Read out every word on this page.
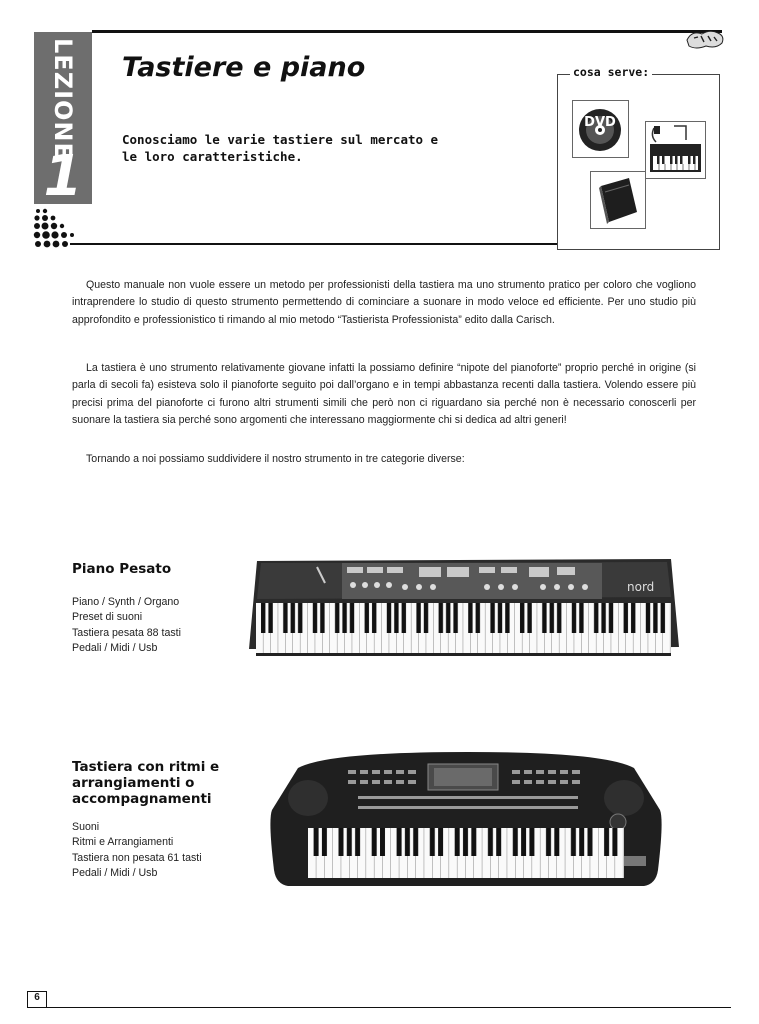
LEZIONE
1
Tastiere e piano
Conosciamo le varie tastiere sul mercato e le loro caratteristiche.
cosa serve:
DVD

Questo manuale non vuole essere un metodo per professionisti della tastiera ma uno strumento pratico per coloro che vogliono intraprendere lo studio di questo strumento permettendo di cominciare a suonare in modo veloce ed efficiente. Per uno studio più approfondito e professionistico ti rimando al mio metodo “Tastierista Professionista” edito dalla Carisch.

La tastiera è uno strumento relativamente giovane infatti la possiamo definire “nipote del pianoforte” proprio perché in origine (si parla di secoli fa) esisteva solo il pianoforte seguito poi dall’organo e in tempi abbastanza recenti dalla tastiera. Volendo essere più precisi prima del pianoforte ci furono altri strumenti simili che però non ci riguardano sia perché non è necessario conoscerli per suonare la tastiera sia perché sono argomenti che interessano maggiormente chi si dedica ad altri generi!

Tornando a noi possiamo suddividere il nostro strumento in tre categorie diverse:

Piano Pesato
Piano / Synth / Organo
Preset di suoni
Tastiera pesata 88 tasti
Pedali / Midi / Usb
nord
Tastiera con ritmi e arrangiamenti o accompagnamenti
Suoni
Ritmi e Arrangiamenti
Tastiera non pesata 61 tasti
Pedali / Midi / Usb
6
